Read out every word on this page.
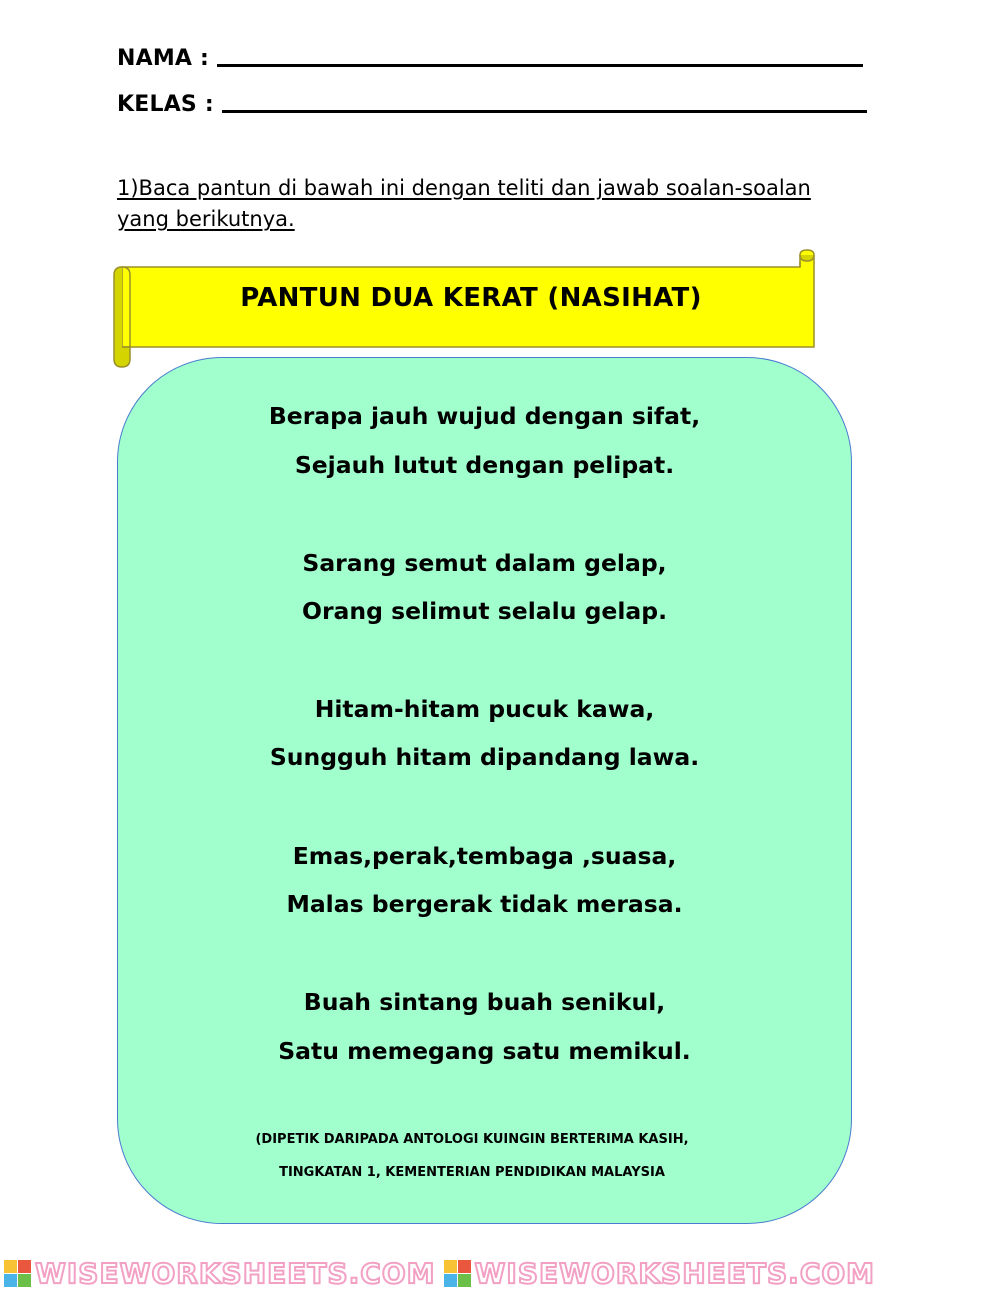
NAMA :
KELAS :
1)Baca pantun di bawah ini dengan teliti dan jawab soalan-soalan
yang berikutnya.
PANTUN DUA KERAT (NASIHAT)
Berapa jauh wujud dengan sifat,
Sejauh lutut dengan pelipat.
Sarang semut dalam gelap,
Orang selimut selalu gelap.
Hitam-hitam pucuk kawa,
Sungguh hitam dipandang lawa.
Emas,perak,tembaga ,suasa,
Malas bergerak tidak merasa.
Buah sintang buah senikul,
Satu memegang satu memikul.
(DIPETIK DARIPADA ANTOLOGI KUINGIN BERTERIMA KASIH,
TINGKATAN 1, KEMENTERIAN PENDIDIKAN MALAYSIA
WISEWORKSHEETS.COM WISEWORKSHEETS.COM
